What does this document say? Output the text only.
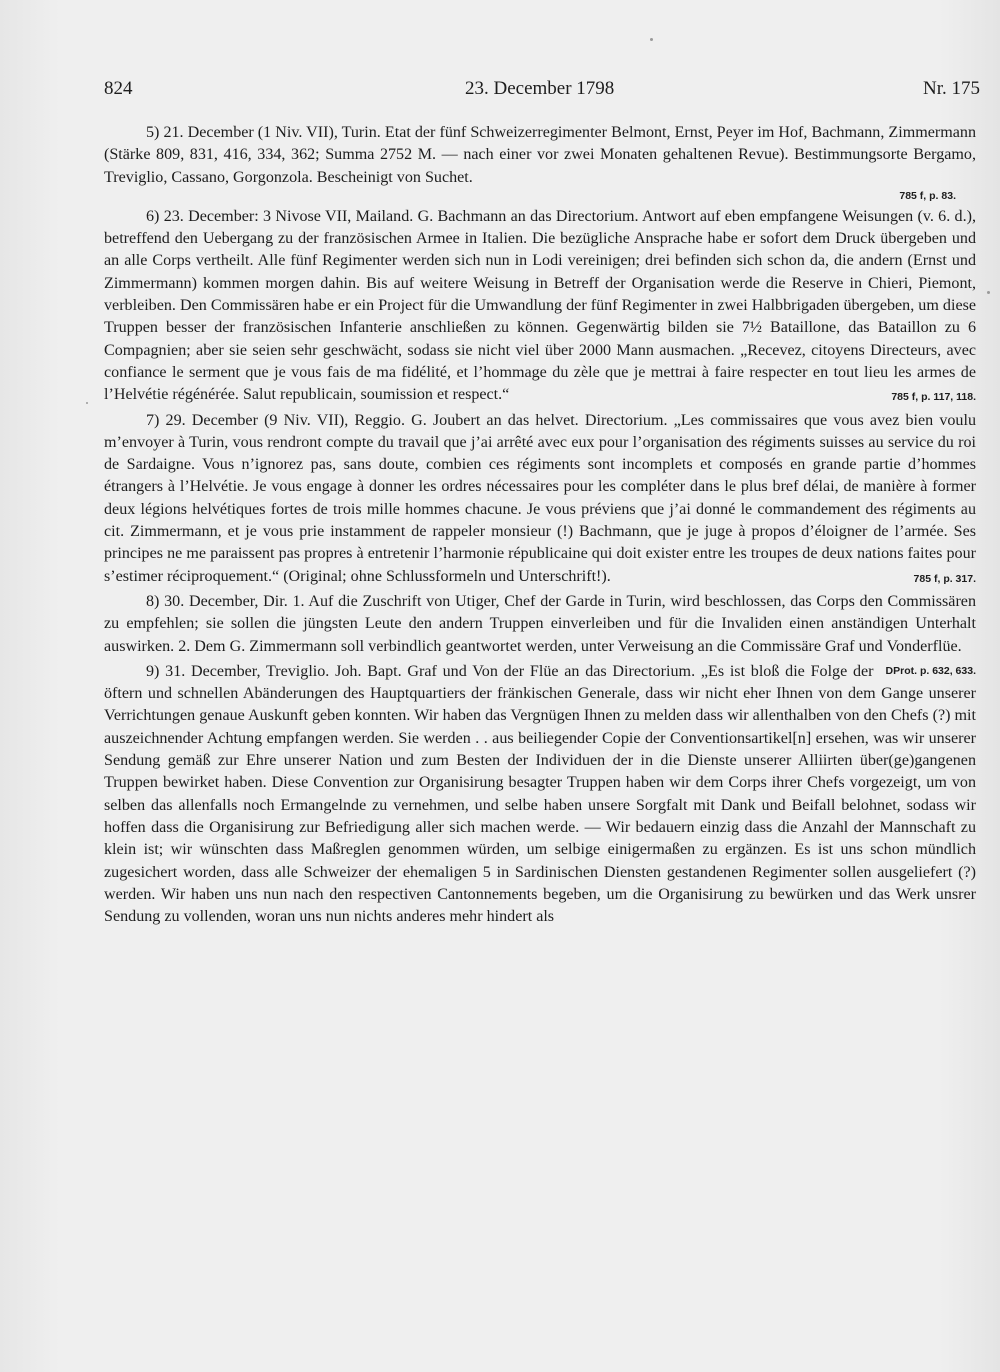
824	23. December 1798	Nr. 175

5) 21. December (1 Niv. VII), Turin. Etat der fünf Schweizerregimenter Belmont, Ernst, Peyer im Hof, Bachmann, Zimmermann (Stärke 809, 831, 416, 334, 362; Summa 2752 M. — nach einer vor zwei Monaten gehaltenen Revue). Bestimmungsorte Bergamo, Treviglio, Cassano, Gorgonzola. Bescheinigt von Suchet.
785 f, p. 83.

6) 23. December: 3 Nivose VII, Mailand. G. Bachmann an das Directorium. Antwort auf eben empfangene Weisungen (v. 6. d.), betreffend den Uebergang zu der französischen Armee in Italien. Die bezügliche Ansprache habe er sofort dem Druck übergeben und an alle Corps vertheilt. Alle fünf Regimenter werden sich nun in Lodi vereinigen; drei befinden sich schon da, die andern (Ernst und Zimmermann) kommen morgen dahin. Bis auf weitere Weisung in Betreff der Organisation werde die Reserve in Chieri, Piemont, verbleiben. Den Commissären habe er ein Project für die Umwandlung der fünf Regimenter in zwei Halbbrigaden übergeben, um diese Truppen besser der französischen Infanterie anschließen zu können. Gegenwärtig bilden sie 7½ Bataillone, das Bataillon zu 6 Compagnien; aber sie seien sehr geschwächt, sodass sie nicht viel über 2000 Mann ausmachen. „Recevez, citoyens Directeurs, avec confiance le serment que je vous fais de ma fidélité, et l’hommage du zèle que je mettrai à faire respecter en tout lieu les armes de l’Helvétie régénérée. Salut republicain, soumission et respect.“	785 f, p. 117, 118.

7) 29. December (9 Niv. VII), Reggio. G. Joubert an das helvet. Directorium. „Les commissaires que vous avez bien voulu m’envoyer à Turin, vous rendront compte du travail que j’ai arrêté avec eux pour l’organisation des régiments suisses au service du roi de Sardaigne. Vous n’ignorez pas, sans doute, combien ces régiments sont incomplets et composés en grande partie d’hommes étrangers à l’Helvétie. Je vous engage à donner les ordres nécessaires pour les compléter dans le plus bref délai, de manière à former deux légions helvétiques fortes de trois mille hommes chacune. Je vous préviens que j’ai donné le commandement des régiments au cit. Zimmermann, et je vous prie instamment de rappeler monsieur (!) Bachmann, que je juge à propos d’éloigner de l’armée. Ses principes ne me paraissent pas propres à entretenir l’harmonie républicaine qui doit exister entre les troupes de deux nations faites pour s’estimer réciproquement.“ (Original; ohne Schlussformeln und Unterschrift!).	785 f, p. 317.

8) 30. December, Dir. 1. Auf die Zuschrift von Utiger, Chef der Garde in Turin, wird beschlossen, das Corps den Commissären zu empfehlen; sie sollen die jüngsten Leute den andern Truppen einverleiben und für die Invaliden einen anständigen Unterhalt auswirken. 2. Dem G. Zimmermann soll verbindlich geantwortet werden, unter Verweisung an die Commissäre Graf und Vonderflüe.
DProt. p. 632, 633.

9) 31. December, Treviglio. Joh. Bapt. Graf und Von der Flüe an das Directorium. „Es ist bloß die Folge der öftern und schnellen Abänderungen des Hauptquartiers der fränkischen Generale, dass wir nicht eher Ihnen von dem Gange unserer Verrichtungen genaue Auskunft geben konnten. Wir haben das Vergnügen Ihnen zu melden dass wir allenthalben von den Chefs (?) mit auszeichnender Achtung empfangen werden. Sie werden . . aus beiliegender Copie der Conventionsartikel[n] ersehen, was wir unserer Sendung gemäß zur Ehre unserer Nation und zum Besten der Individuen der in die Dienste unserer Alliirten über(ge)gangenen Truppen bewirket haben. Diese Convention zur Organisirung besagter Truppen haben wir dem Corps ihrer Chefs vorgezeigt, um von selben das allenfalls noch Ermangelnde zu vernehmen, und selbe haben unsere Sorgfalt mit Dank und Beifall belohnet, sodass wir hoffen dass die Organisirung zur Befriedigung aller sich machen werde. — Wir bedauern einzig dass die Anzahl der Mannschaft zu klein ist; wir wünschten dass Maßreglen genommen würden, um selbige einigermaßen zu ergänzen. Es ist uns schon mündlich zugesichert worden, dass alle Schweizer der ehemaligen 5 in Sardinischen Diensten gestandenen Regimenter sollen ausgeliefert (?) werden. Wir haben uns nun nach den respectiven Cantonnements begeben, um die Organisirung zu bewürken und das Werk unsrer Sendung zu vollenden, woran uns nun nichts anderes mehr hindert als
